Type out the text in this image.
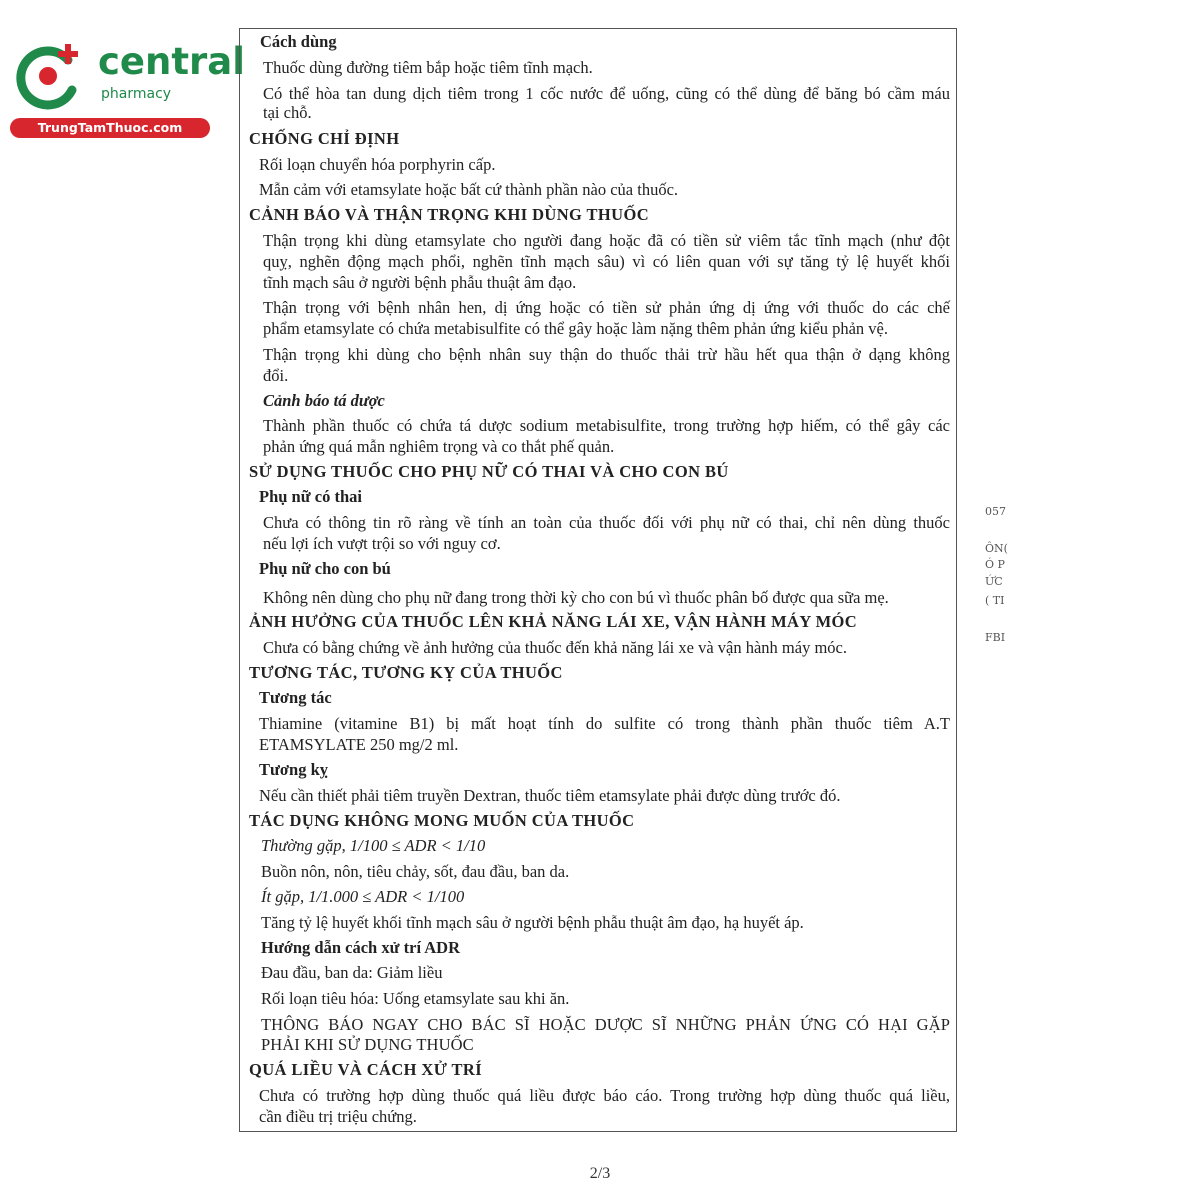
central
pharmacy
TrungTamThuoc.com
Cách dùng
Thuốc dùng đường tiêm bắp hoặc tiêm tĩnh mạch.
Có thể hòa tan dung dịch tiêm trong 1 cốc nước để uống, cũng có thể dùng để băng bó cầm máu
tại chỗ.
CHỐNG CHỈ ĐỊNH
Rối loạn chuyển hóa porphyrin cấp.
Mẫn cảm với etamsylate hoặc bất cứ thành phần nào của thuốc.
CẢNH BÁO VÀ THẬN TRỌNG KHI DÙNG THUỐC
Thận trọng khi dùng etamsylate cho người đang hoặc đã có tiền sử viêm tắc tĩnh mạch (như đột
quỵ, nghẽn động mạch phổi, nghẽn tĩnh mạch sâu) vì có liên quan với sự tăng tỷ lệ huyết khối
tĩnh mạch sâu ở người bệnh phẫu thuật âm đạo.
Thận trọng với bệnh nhân hen, dị ứng hoặc có tiền sử phản ứng dị ứng với thuốc do các chế
phẩm etamsylate có chứa metabisulfite có thể gây hoặc làm nặng thêm phản ứng kiểu phản vệ.
Thận trọng khi dùng cho bệnh nhân suy thận do thuốc thải trừ hầu hết qua thận ở dạng không
đổi.
Cảnh báo tá dược
Thành phần thuốc có chứa tá dược sodium metabisulfite, trong trường hợp hiếm, có thể gây các
phản ứng quá mẫn nghiêm trọng và co thắt phế quản.
SỬ DỤNG THUỐC CHO PHỤ NỮ CÓ THAI VÀ CHO CON BÚ
Phụ nữ có thai
Chưa có thông tin rõ ràng về tính an toàn của thuốc đối với phụ nữ có thai, chỉ nên dùng thuốc
nếu lợi ích vượt trội so với nguy cơ.
Phụ nữ cho con bú
Không nên dùng cho phụ nữ đang trong thời kỳ cho con bú vì thuốc phân bố được qua sữa mẹ.
ẢNH HƯỞNG CỦA THUỐC LÊN KHẢ NĂNG LÁI XE, VẬN HÀNH MÁY MÓC
Chưa có bằng chứng về ảnh hưởng của thuốc đến khả năng lái xe và vận hành máy móc.
TƯƠNG TÁC, TƯƠNG KỴ CỦA THUỐC
Tương tác
Thiamine (vitamine B1) bị mất hoạt tính do sulfite có trong thành phần thuốc tiêm A.T
ETAMSYLATE 250 mg/2 ml.
Tương kỵ
Nếu cần thiết phải tiêm truyền Dextran, thuốc tiêm etamsylate phải được dùng trước đó.
TÁC DỤNG KHÔNG MONG MUỐN CỦA THUỐC
Thường gặp, 1/100 ≤ ADR < 1/10
Buồn nôn, nôn, tiêu chảy, sốt, đau đầu, ban da.
Ít gặp, 1/1.000 ≤ ADR < 1/100
Tăng tỷ lệ huyết khối tĩnh mạch sâu ở người bệnh phẫu thuật âm đạo, hạ huyết áp.
Hướng dẫn cách xử trí ADR
Đau đầu, ban da: Giảm liều
Rối loạn tiêu hóa: Uống etamsylate sau khi ăn.
THÔNG BÁO NGAY CHO BÁC SĨ HOẶC DƯỢC SĨ NHỮNG PHẢN ỨNG CÓ HẠI GẶP
PHẢI KHI SỬ DỤNG THUỐC
QUÁ LIỀU VÀ CÁCH XỬ TRÍ
Chưa có trường hợp dùng thuốc quá liều được báo cáo. Trong trường hợp dùng thuốc quá liều,
cần điều trị triệu chứng.
057
ÔN(
Ó P
ỨC
( TI
FBI
2/3
